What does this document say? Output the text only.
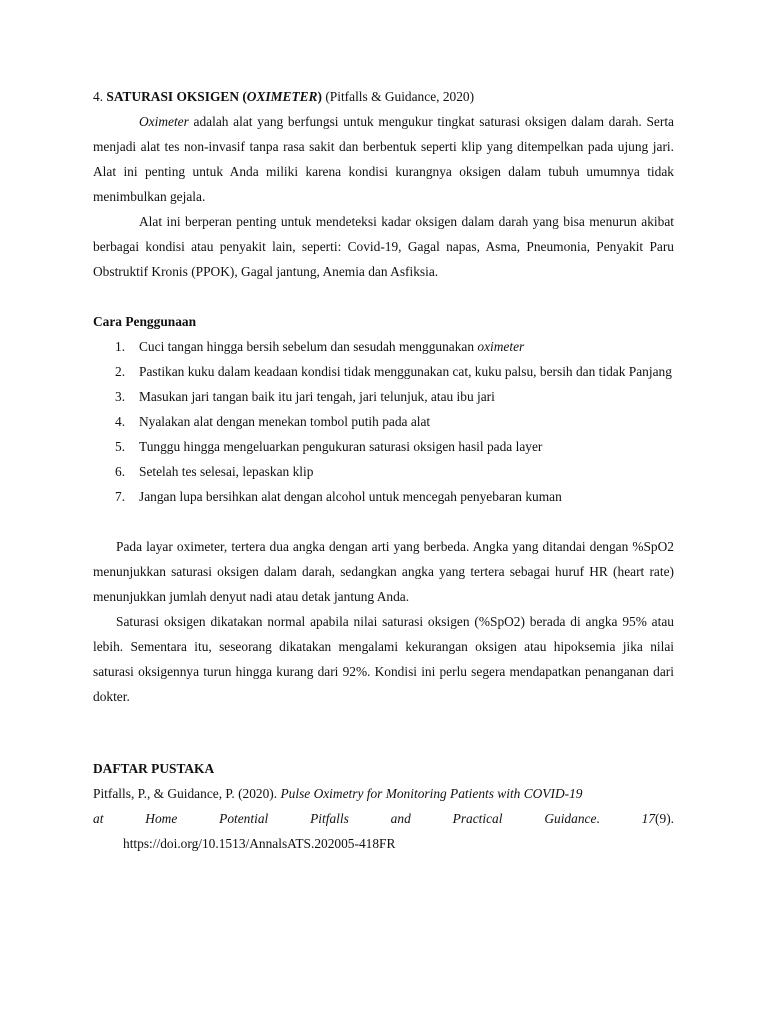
4. SATURASI OKSIGEN (OXIMETER) (Pitfalls & Guidance, 2020)

Oximeter adalah alat yang berfungsi untuk mengukur tingkat saturasi oksigen dalam darah. Serta menjadi alat tes non-invasif tanpa rasa sakit dan berbentuk seperti klip yang ditempelkan pada ujung jari. Alat ini penting untuk Anda miliki karena kondisi kurangnya oksigen dalam tubuh umumnya tidak menimbulkan gejala.

Alat ini berperan penting untuk mendeteksi kadar oksigen dalam darah yang bisa menurun akibat berbagai kondisi atau penyakit lain, seperti: Covid-19, Gagal napas, Asma, Pneumonia, Penyakit Paru Obstruktif Kronis (PPOK), Gagal jantung, Anemia dan Asfiksia.

Cara Penggunaan

1. Cuci tangan hingga bersih sebelum dan sesudah menggunakan oximeter
2. Pastikan kuku dalam keadaan kondisi tidak menggunakan cat, kuku palsu, bersih dan tidak Panjang
3. Masukan jari tangan baik itu jari tengah, jari telunjuk, atau ibu jari
4. Nyalakan alat dengan menekan tombol putih pada alat
5. Tunggu hingga mengeluarkan pengukuran saturasi oksigen hasil pada layer
6. Setelah tes selesai, lepaskan klip
7. Jangan lupa bersihkan alat dengan alcohol untuk mencegah penyebaran kuman

Pada layar oximeter, tertera dua angka dengan arti yang berbeda. Angka yang ditandai dengan %SpO2 menunjukkan saturasi oksigen dalam darah, sedangkan angka yang tertera sebagai huruf HR (heart rate) menunjukkan jumlah denyut nadi atau detak jantung Anda.

Saturasi oksigen dikatakan normal apabila nilai saturasi oksigen (%SpO2) berada di angka 95% atau lebih. Sementara itu, seseorang dikatakan mengalami kekurangan oksigen atau hipoksemia jika nilai saturasi oksigennya turun hingga kurang dari 92%. Kondisi ini perlu segera mendapatkan penanganan dari dokter.

DAFTAR PUSTAKA

Pitfalls, P., & Guidance, P. (2020). Pulse Oximetry for Monitoring Patients with COVID-19
at Home Potential Pitfalls and Practical Guidance. 17(9).
https://doi.org/10.1513/AnnalsATS.202005-418FR
